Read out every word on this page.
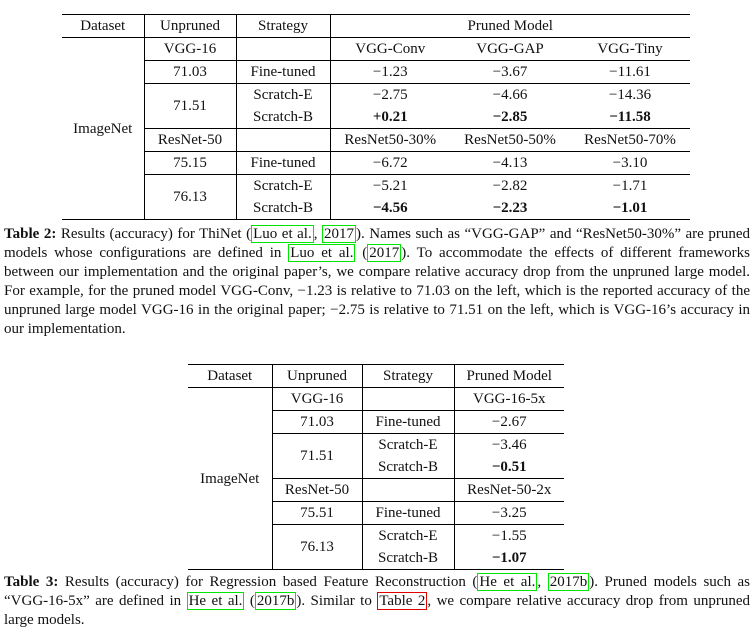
Dataset	Unpruned	Strategy	Pruned Model		
ImageNet	VGG-16		VGG-Conv	VGG-GAP	VGG-Tiny
	71.03	Fine-tuned	−1.23	−3.67	−11.61
	71.51	Scratch-E	−2.75	−4.66	−14.36
		Scratch-B	+0.21	−2.85	−11.58
	ResNet-50		ResNet50-30%	ResNet50-50%	ResNet50-70%
	75.15	Fine-tuned	−6.72	−4.13	−3.10
	76.13	Scratch-E	−5.21	−2.82	−1.71
		Scratch-B	−4.56	−2.23	−1.01
Table 2: Results (accuracy) for ThiNet ( Luo et al. , 2017 ). Names such as “VGG-GAP” and “ResNet50-30%” are pruned models whose configurations are defined in Luo et al. ( 2017 ). To accommodate the effects of different frameworks between our implementation and the original paper’s, we compare relative accuracy drop from the unpruned large model. For example, for the pruned model VGG-Conv, −1.23 is relative to 71.03 on the left, which is the reported accuracy of the unpruned large model VGG-16 in the original paper; −2.75 is relative to 71.51 on the left, which is VGG-16’s accuracy in our implementation.
Dataset	Unpruned	Strategy	Pruned Model
ImageNet	VGG-16		VGG-16-5x
	71.03	Fine-tuned	−2.67
	71.51	Scratch-E	−3.46
		Scratch-B	−0.51
	ResNet-50		ResNet-50-2x
	75.51	Fine-tuned	−3.25
	76.13	Scratch-E	−1.55
		Scratch-B	−1.07
Table 3: Results (accuracy) for Regression based Feature Reconstruction ( He et al. , 2017b ). Pruned models such as “VGG-16-5x” are defined in He et al. ( 2017b ). Similar to Table 2 , we compare relative accuracy drop from unpruned large models.
